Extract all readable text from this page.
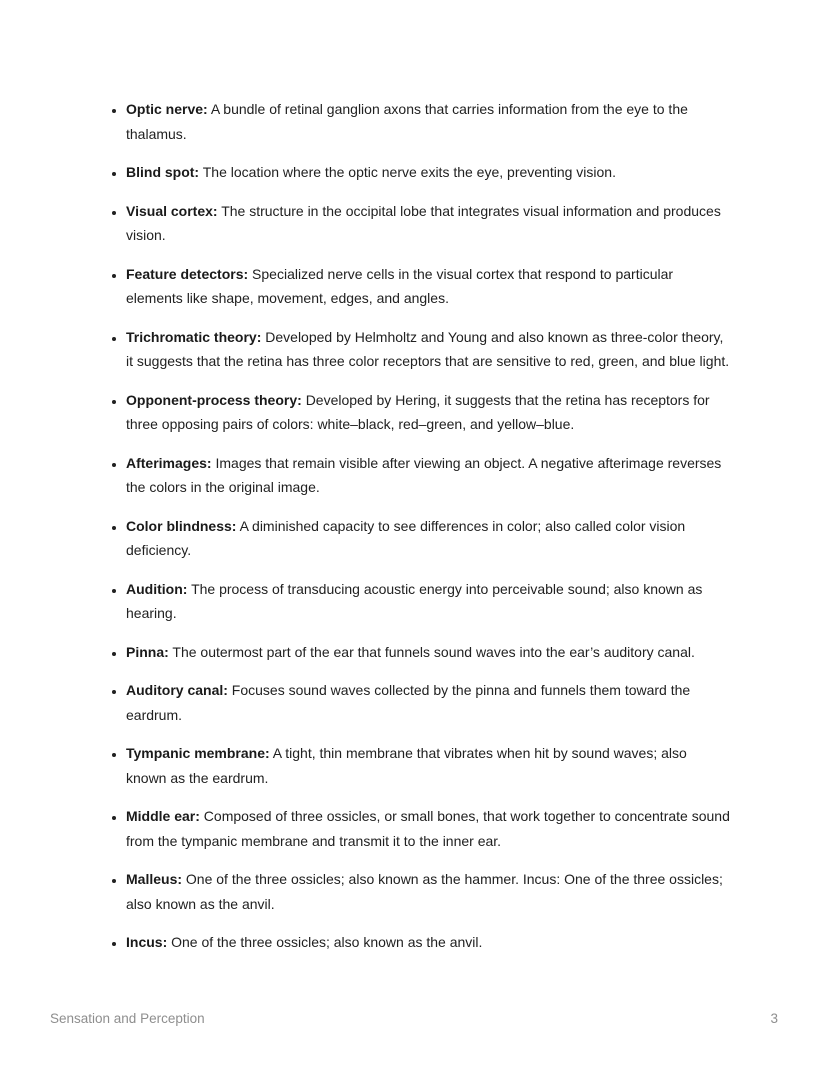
• Optic nerve: A bundle of retinal ganglion axons that carries information from the eye to the thalamus.
• Blind spot: The location where the optic nerve exits the eye, preventing vision.
• Visual cortex: The structure in the occipital lobe that integrates visual information and produces vision.
• Feature detectors: Specialized nerve cells in the visual cortex that respond to particular elements like shape, movement, edges, and angles.
• Trichromatic theory: Developed by Helmholtz and Young and also known as three-color theory, it suggests that the retina has three color receptors that are sensitive to red, green, and blue light.
• Opponent-process theory: Developed by Hering, it suggests that the retina has receptors for three opposing pairs of colors: white–black, red–green, and yellow–blue.
• Afterimages: Images that remain visible after viewing an object. A negative afterimage reverses the colors in the original image.
• Color blindness: A diminished capacity to see differences in color; also called color vision deficiency.
• Audition: The process of transducing acoustic energy into perceivable sound; also known as hearing.
• Pinna: The outermost part of the ear that funnels sound waves into the ear’s auditory canal.
• Auditory canal: Focuses sound waves collected by the pinna and funnels them toward the eardrum.
• Tympanic membrane: A tight, thin membrane that vibrates when hit by sound waves; also known as the eardrum.
• Middle ear: Composed of three ossicles, or small bones, that work together to concentrate sound from the tympanic membrane and transmit it to the inner ear.
• Malleus: One of the three ossicles; also known as the hammer. Incus: One of the three ossicles; also known as the anvil.
• Incus: One of the three ossicles; also known as the anvil.
Sensation and Perception	3
